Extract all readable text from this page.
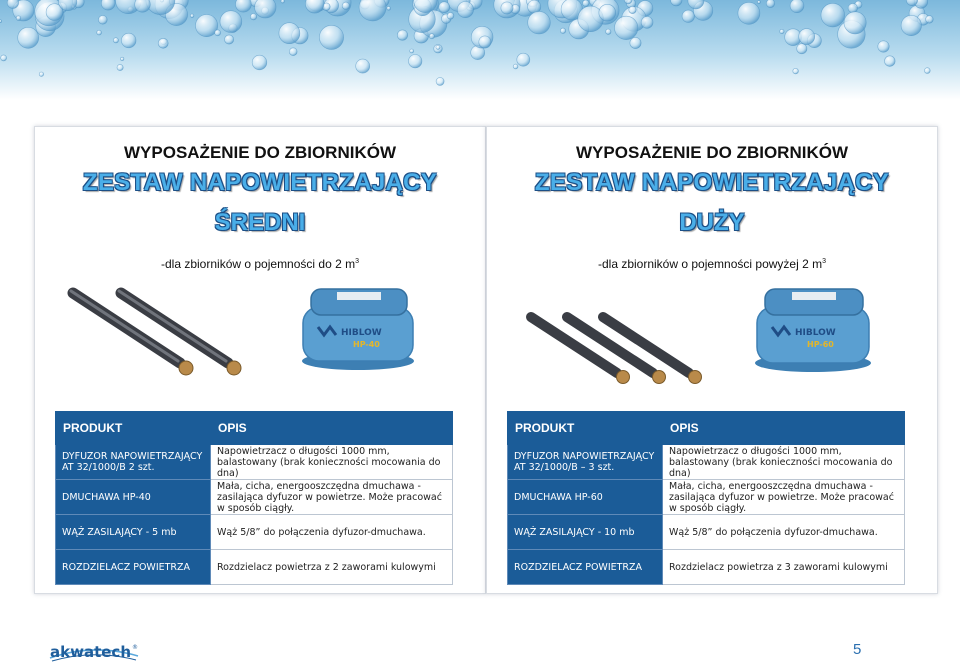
WYPOSAŻENIE DO ZBIORNIKÓW
ZESTAW NAPOWIETRZAJĄCY
ŚREDNI
-dla zbiorników o pojemności do 2 $m^3$
HIBLOW
HP-40
PRODUKT	OPIS
DYFUZOR NAPOWIETRZAJĄCY AT 32/1000/B 2 szt.	Napowietrzacz o długości 1000 mm, balastowany (brak konieczności mocowania do dna)
DMUCHAWA HP-40	Mała, cicha, energooszczędna dmuchawa - zasilająca dyfuzor w powietrze. Może pracować w sposób ciągły.
WĄŻ ZASILAJĄCY - 5 mb	Wąż 5/8” do połączenia dyfuzor-dmuchawa.
ROZDZIELACZ POWIETRZA	Rozdzielacz powietrza z 2 zaworami kulowymi
WYPOSAŻENIE DO ZBIORNIKÓW
ZESTAW NAPOWIETRZAJĄCY
DUŻY
-dla zbiorników o pojemności powyżej 2 $m^3$
HIBLOW
HP-60
PRODUKT	OPIS
DYFUZOR NAPOWIETRZAJĄCY AT 32/1000/B – 3 szt.	Napowietrzacz o długości 1000 mm, balastowany (brak konieczności mocowania do dna)
DMUCHAWA HP-60	Mała, cicha, energooszczędna dmuchawa - zasilająca dyfuzor w powietrze. Może pracować w sposób ciągły.
WĄŻ ZASILAJĄCY - 10 mb	Wąż 5/8” do połączenia dyfuzor-dmuchawa.
ROZDZIELACZ POWIETRZA	Rozdzielacz powietrza z 3 zaworami kulowymi
akwatech ®	5
